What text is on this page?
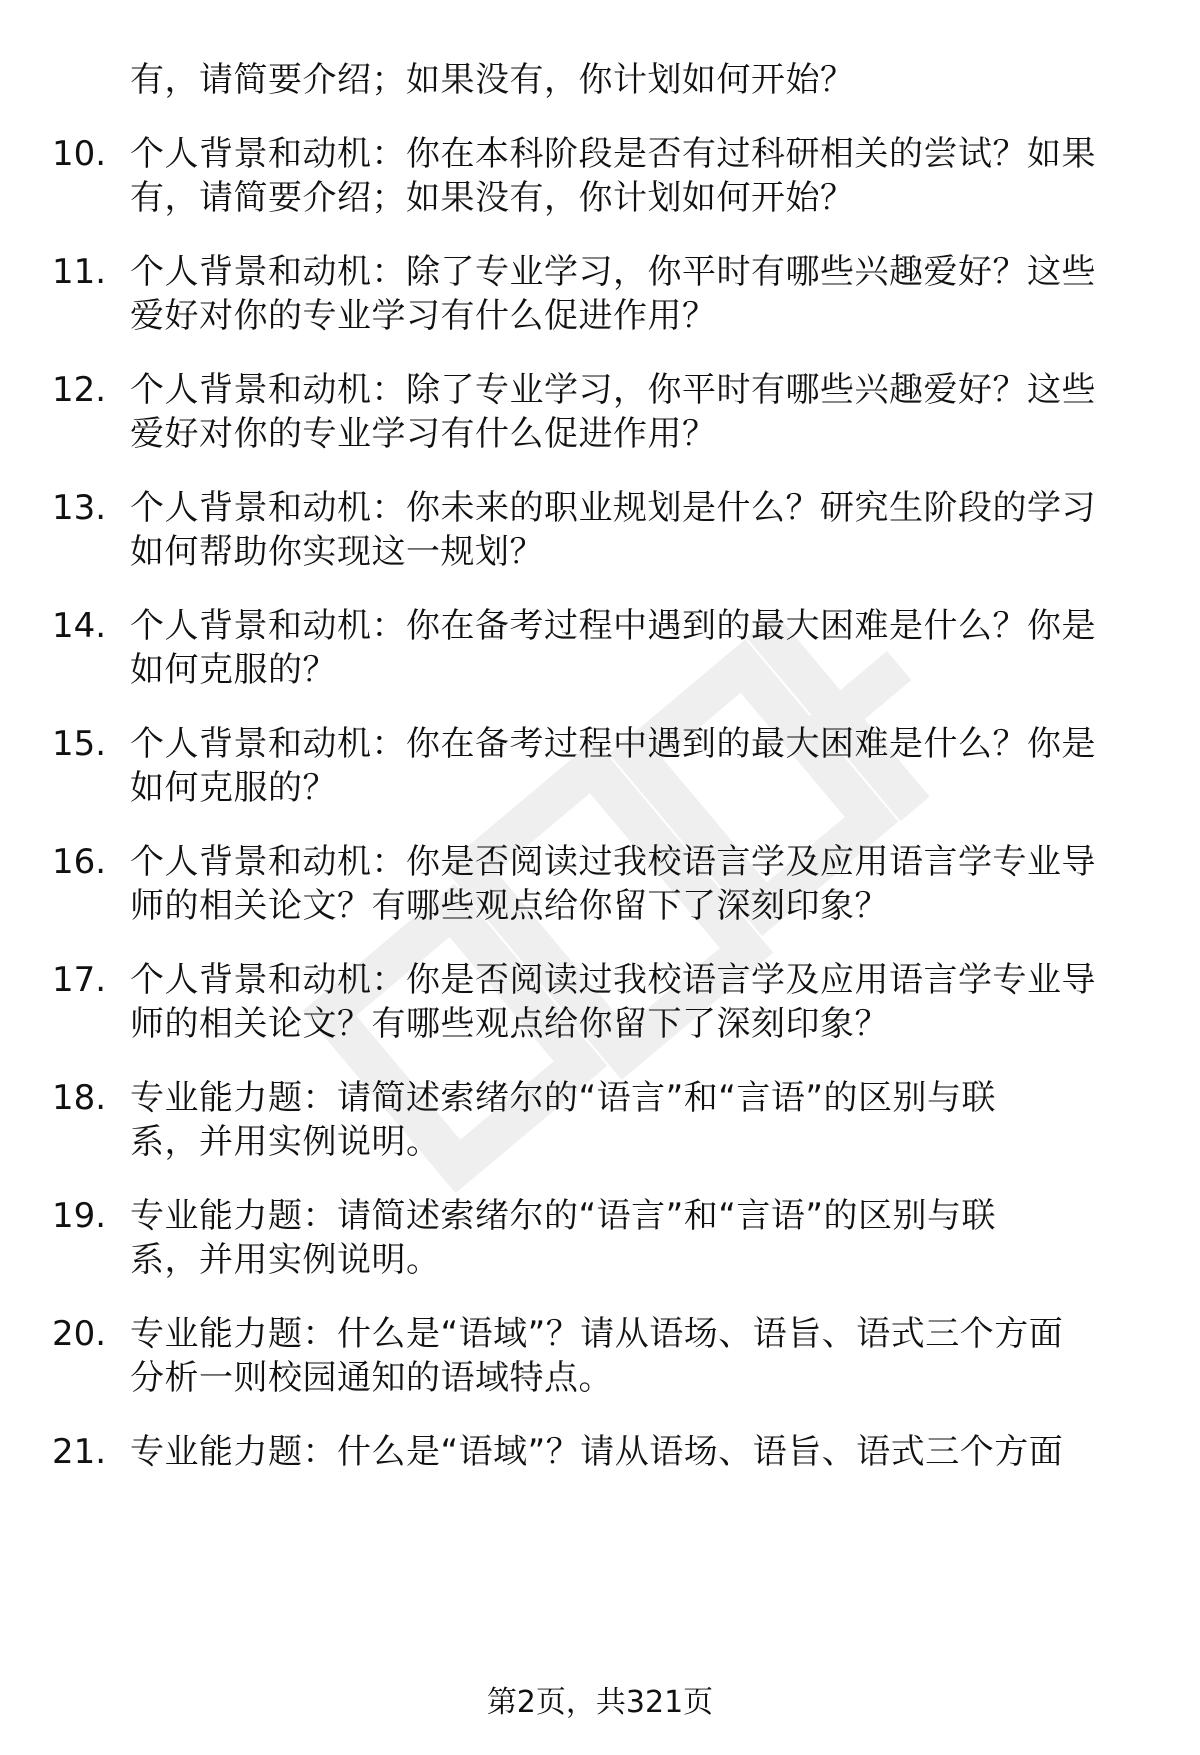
有，请简要介绍；如果没有，你计划如何开始？
10. 个人背景和动机：你在本科阶段是否有过科研相关的尝试？如果
有，请简要介绍；如果没有，你计划如何开始？
11. 个人背景和动机：除了专业学习，你平时有哪些兴趣爱好？这些
爱好对你的专业学习有什么促进作用？
12. 个人背景和动机：除了专业学习，你平时有哪些兴趣爱好？这些
爱好对你的专业学习有什么促进作用？
13. 个人背景和动机：你未来的职业规划是什么？研究生阶段的学习
如何帮助你实现这一规划？
14. 个人背景和动机：你在备考过程中遇到的最大困难是什么？你是
如何克服的？
15. 个人背景和动机：你在备考过程中遇到的最大困难是什么？你是
如何克服的？
16. 个人背景和动机：你是否阅读过我校语言学及应用语言学专业导
师的相关论文？有哪些观点给你留下了深刻印象？
17. 个人背景和动机：你是否阅读过我校语言学及应用语言学专业导
师的相关论文？有哪些观点给你留下了深刻印象？
18. 专业能力题：请简述索绪尔的“语言”和“言语”的区别与联
系，并用实例说明。
19. 专业能力题：请简述索绪尔的“语言”和“言语”的区别与联
系，并用实例说明。
20. 专业能力题：什么是“语域”？请从语场、语旨、语式三个方面
分析一则校园通知的语域特点。
21. 专业能力题：什么是“语域”？请从语场、语旨、语式三个方面
第2页，共321页
